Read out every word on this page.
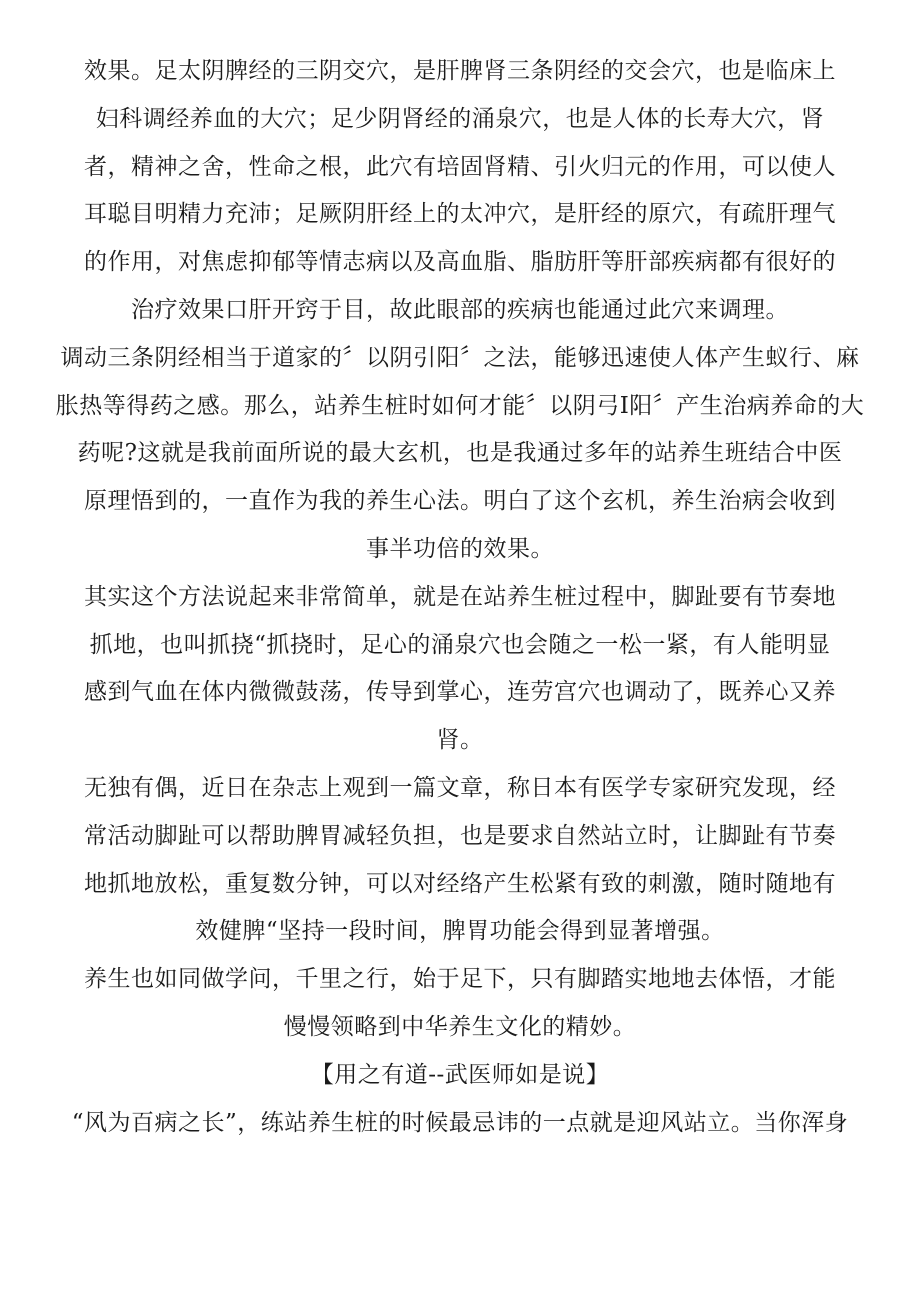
效果。足太阴脾经的三阴交穴，是肝脾肾三条阴经的交会穴，也是临床上
妇科调经养血的大穴；足少阴肾经的涌泉穴，也是人体的长寿大穴，肾
者，精神之舍，性命之根，此穴有培固肾精、引火归元的作用，可以使人
耳聪目明精力充沛；足厥阴肝经上的太冲穴，是肝经的原穴，有疏肝理气
的作用，对焦虑抑郁等情志病以及高血脂、脂肪肝等肝部疾病都有很好的
治疗效果口肝开窍于目，故此眼部的疾病也能通过此穴来调理。
调动三条阴经相当于道家的〞以阴引阳〞之法，能够迅速使人体产生蚁行、麻
胀热等得药之感。那么，站养生桩时如何才能〞以阴弓I阳〞产生治病养命的大
药呢?这就是我前面所说的最大玄机，也是我通过多年的站养生班结合中医
原理悟到的，一直作为我的养生心法。明白了这个玄机，养生治病会收到
事半功倍的效果。
其实这个方法说起来非常简单，就是在站养生桩过程中，脚趾要有节奏地
抓地，也叫抓挠“抓挠时，足心的涌泉穴也会随之一松一紧，有人能明显
感到气血在体内微微鼓荡，传导到掌心，连劳宫穴也调动了，既养心又养
肾。
无独有偶，近日在杂志上观到一篇文章，称日本有医学专家研究发现，经
常活动脚趾可以帮助脾胃减轻负担，也是要求自然站立时，让脚趾有节奏
地抓地放松，重复数分钟，可以对经络产生松紧有致的刺激，随时随地有
效健脾“坚持一段时间，脾胃功能会得到显著增强。
养生也如同做学问，千里之行，始于足下，只有脚踏实地地去体悟，才能
慢慢领略到中华养生文化的精妙。
【用之有道--武医师如是说】
“风为百病之长”，练站养生桩的时候最忌讳的一点就是迎风站立。当你浑身
